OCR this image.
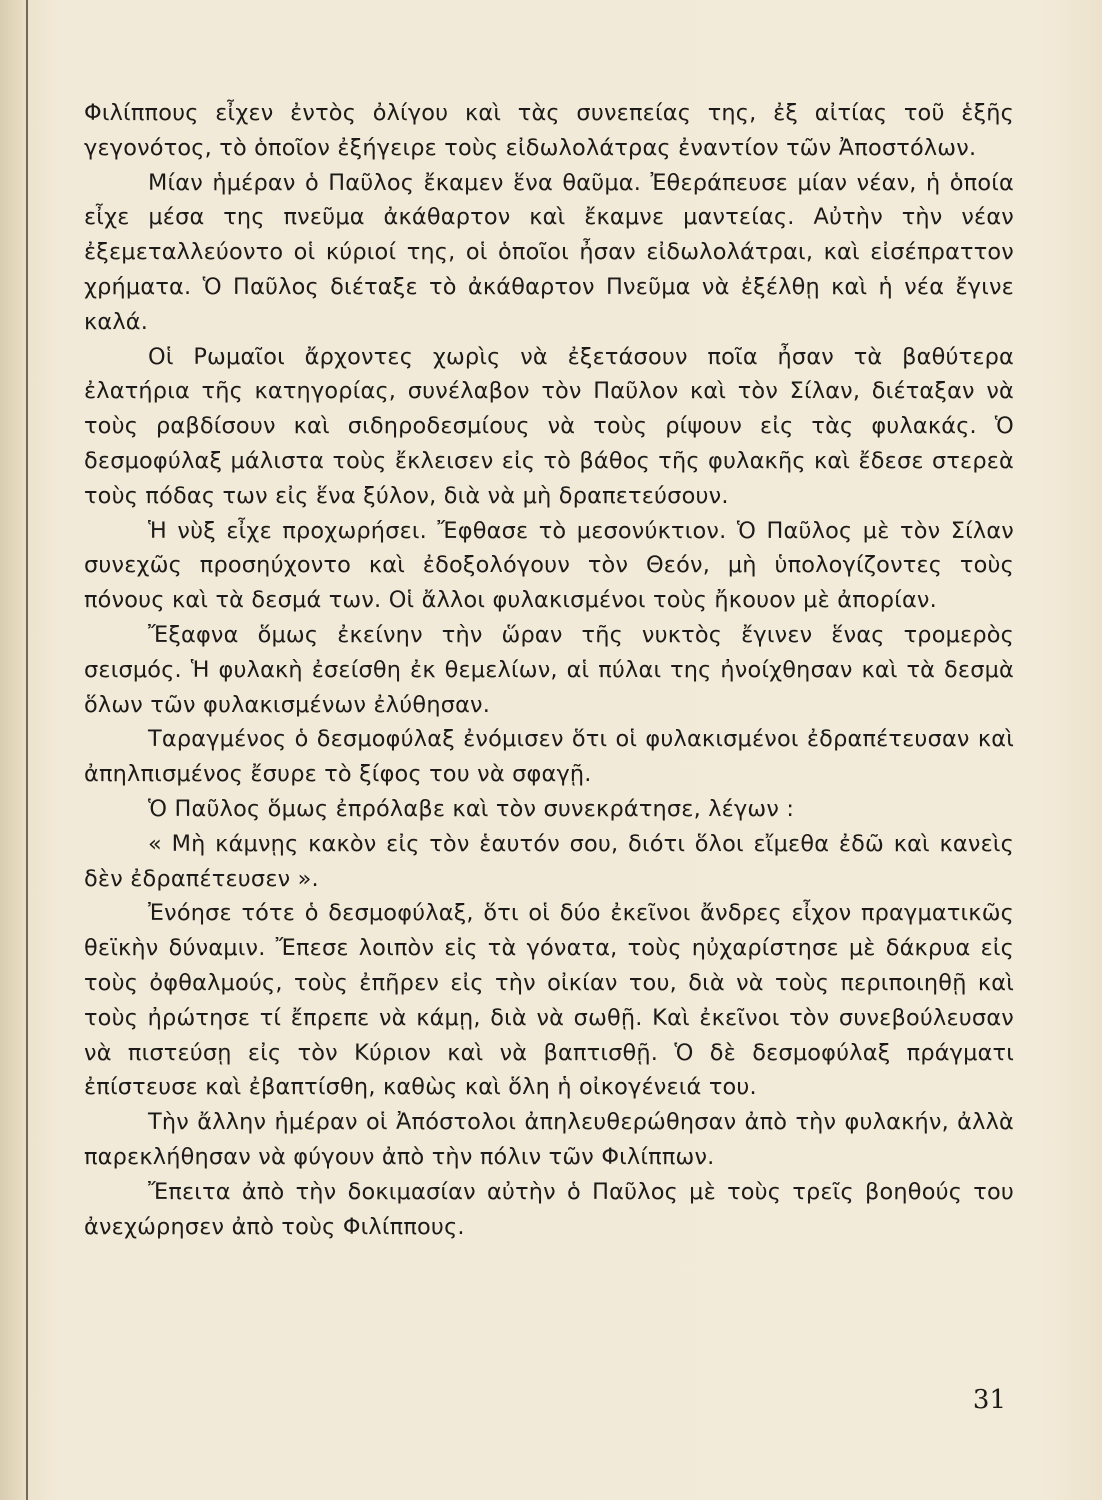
Φιλίππους εἶχεν ἐντὸς ὀλίγου καὶ τὰς συνεπείας της, ἐξ αἰτίας τοῦ ἑξῆς γεγονότος, τὸ ὁποῖον ἐξήγειρε τοὺς εἰδωλολάτρας ἐναντίον τῶν Ἀποστόλων.

Μίαν ἡμέραν ὁ Παῦλος ἔκαμεν ἕνα θαῦμα. Ἐθεράπευσε μίαν νέαν, ἡ ὁποία εἶχε μέσα της πνεῦμα ἀκάθαρτον καὶ ἔκαμνε μαντείας. Αὐτὴν τὴν νέαν ἐξεμεταλλεύοντο οἱ κύριοί της, οἱ ὁποῖοι ἦσαν εἰδωλολάτραι, καὶ εἰσέπραττον χρήματα. Ὁ Παῦλος διέταξε τὸ ἀκάθαρτον Πνεῦμα νὰ ἐξέλθῃ καὶ ἡ νέα ἔγινε καλά.

Οἱ Ρωμαῖοι ἄρχοντες χωρὶς νὰ ἐξετάσουν ποῖα ἦσαν τὰ βαθύτερα ἐλατήρια τῆς κατηγορίας, συνέλαβον τὸν Παῦλον καὶ τὸν Σίλαν, διέταξαν νὰ τοὺς ραβδίσουν καὶ σιδηροδεσμίους νὰ τοὺς ρίψουν εἰς τὰς φυλακάς. Ὁ δεσμοφύλαξ μάλιστα τοὺς ἔκλεισεν εἰς τὸ βάθος τῆς φυλακῆς καὶ ἔδεσε στερεὰ τοὺς πόδας των εἰς ἕνα ξύλον, διὰ νὰ μὴ δραπετεύσουν.

Ἡ νὺξ εἶχε προχωρήσει. Ἔφθασε τὸ μεσονύκτιον. Ὁ Παῦλος μὲ τὸν Σίλαν συνεχῶς προσηύχοντο καὶ ἐδοξολόγουν τὸν Θεόν, μὴ ὑπολογίζοντες τοὺς πόνους καὶ τὰ δεσμά των. Οἱ ἄλλοι φυλακισμένοι τοὺς ἤκουον μὲ ἀπορίαν.

Ἔξαφνα ὅμως ἐκείνην τὴν ὥραν τῆς νυκτὸς ἔγινεν ἕνας τρομερὸς σεισμός. Ἡ φυλακὴ ἐσείσθη ἐκ θεμελίων, αἱ πύλαι της ἠνοίχθησαν καὶ τὰ δεσμὰ ὅλων τῶν φυλακισμένων ἐλύθησαν.

Ταραγμένος ὁ δεσμοφύλαξ ἐνόμισεν ὅτι οἱ φυλακισμένοι ἐδραπέτευσαν καὶ ἀπηλπισμένος ἔσυρε τὸ ξίφος του νὰ σφαγῇ.

Ὁ Παῦλος ὅμως ἐπρόλαβε καὶ τὸν συνεκράτησε, λέγων :

« Μὴ κάμνῃς κακὸν εἰς τὸν ἑαυτόν σου, διότι ὅλοι εἴμεθα ἐδῶ καὶ κανεὶς δὲν ἐδραπέτευσεν ».

Ἐνόησε τότε ὁ δεσμοφύλαξ, ὅτι οἱ δύο ἐκεῖνοι ἄνδρες εἶχον πραγματικῶς θεϊκὴν δύναμιν. Ἔπεσε λοιπὸν εἰς τὰ γόνατα, τοὺς ηὐχαρίστησε μὲ δάκρυα εἰς τοὺς ὀφθαλμούς, τοὺς ἐπῆρεν εἰς τὴν οἰκίαν του, διὰ νὰ τοὺς περιποιηθῇ καὶ τοὺς ἠρώτησε τί ἔπρεπε νὰ κάμῃ, διὰ νὰ σωθῇ. Καὶ ἐκεῖνοι τὸν συνεβούλευσαν νὰ πιστεύσῃ εἰς τὸν Κύριον καὶ νὰ βαπτισθῇ. Ὁ δὲ δεσμοφύλαξ πράγματι ἐπίστευσε καὶ ἐβαπτίσθη, καθὼς καὶ ὅλη ἡ οἰκογένειά του.

Τὴν ἄλλην ἡμέραν οἱ Ἀπόστολοι ἀπηλευθερώθησαν ἀπὸ τὴν φυλακήν, ἀλλὰ παρεκλήθησαν νὰ φύγουν ἀπὸ τὴν πόλιν τῶν Φιλίππων.

Ἔπειτα ἀπὸ τὴν δοκιμασίαν αὐτὴν ὁ Παῦλος μὲ τοὺς τρεῖς βοηθούς του ἀνεχώρησεν ἀπὸ τοὺς Φιλίππους.

31
